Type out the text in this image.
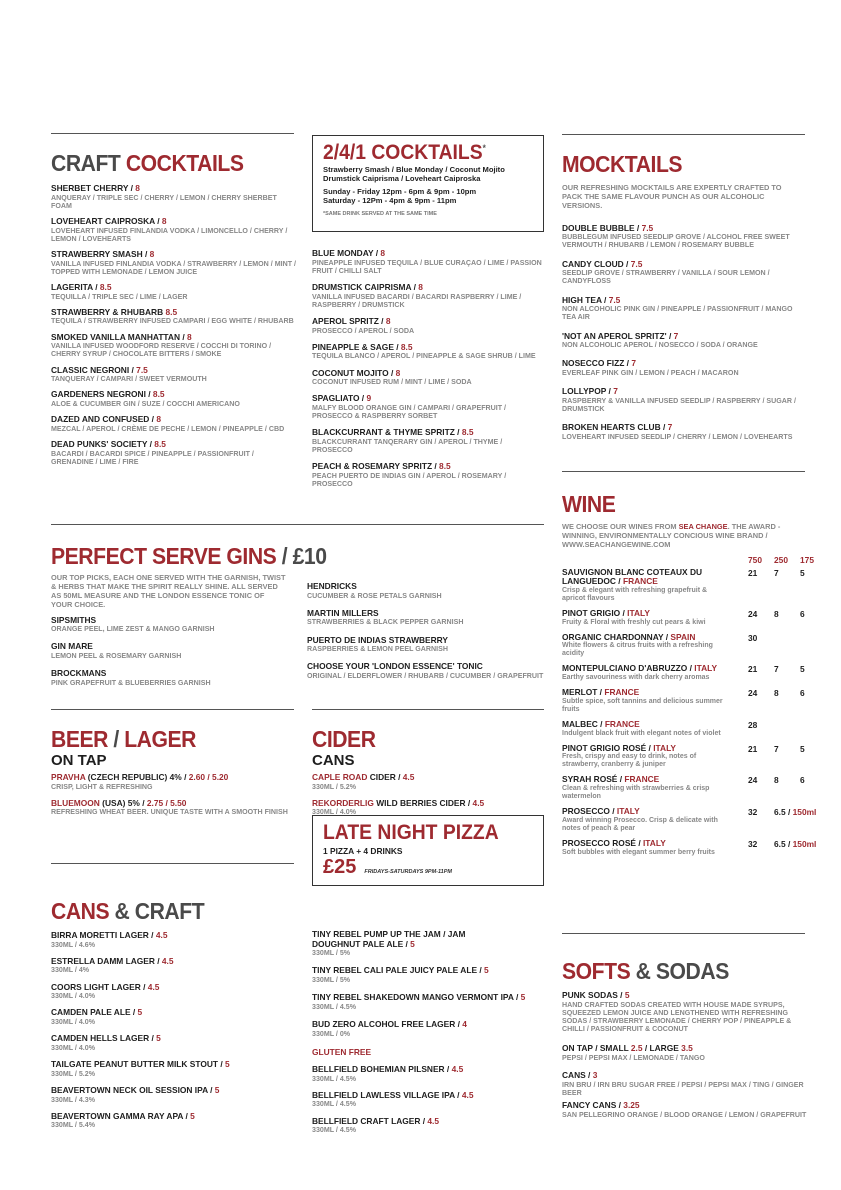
CRAFT COCKTAILS
SHERBET CHERRY / 8
ANQUERAY / TRIPLE SEC / CHERRY / LEMON / CHERRY SHERBET FOAM
LOVEHEART CAIPROSKA / 8
LOVEHEART INFUSED FINLANDIA VODKA / LIMONCELLO / CHERRY / LEMON / LOVEHEARTS
STRAWBERRY SMASH / 8
VANILLA INFUSED FINLANDIA VODKA / STRAWBERRY / LEMON / MINT / TOPPED WITH LEMONADE / LEMON JUICE
LAGERITA / 8.5
TEQUILLA / TRIPLE SEC / LIME / LAGER
STRAWBERRY & RHUBARB 8.5
TEQUILA / STRAWBERRY INFUSED CAMPARI / EGG WHITE / RHUBARB
SMOKED VANILLA MANHATTAN / 8
VANILLA INFUSED WOODFORD RESERVE / COCCHI DI TORINO / CHERRY SYRUP / CHOCOLATE BITTERS / SMOKE
CLASSIC NEGRONI / 7.5
TANQUERAY / CAMPARI / SWEET VERMOUTH
GARDENERS NEGRONI / 8.5
ALOE & CUCUMBER GIN / SUZE / COCCHI AMERICANO
DAZED AND CONFUSED / 8
MEZCAL / APEROL / CRÈME DE PECHE / LEMON / PINEAPPLE / CBD
DEAD PUNKS' SOCIETY / 8.5
BACARDI / BACARDI SPICE / PINEAPPLE / PASSIONFRUIT / GRENADINE / LIME / FIRE
2/4/1 COCKTAILS*
Strawberry Smash / Blue Monday / Coconut Mojito
Drumstick Caiprisma / Loveheart Caiproska
Sunday - Friday 12pm - 6pm & 9pm - 10pm
Saturday - 12Pm - 4pm & 9pm - 11pm
*SAME DRINK SERVED AT THE SAME TIME
BLUE MONDAY / 8
PINEAPPLE INFUSED TEQUILA / BLUE CURAÇAO / LIME / PASSION FRUIT / CHILLI SALT
DRUMSTICK CAIPRISMA / 8
VANILLA INFUSED BACARDI / BACARDI RASPBERRY / LIME / RASPBERRY / DRUMSTICK
APEROL SPRITZ / 8
PROSECCO / APEROL / SODA
PINEAPPLE & SAGE / 8.5
TEQUILA BLANCO / APEROL / PINEAPPLE & SAGE SHRUB / LIME
COCONUT MOJITO / 8
COCONUT INFUSED RUM / MINT / LIME / SODA
SPAGLIATO / 9
MALFY BLOOD ORANGE GIN / CAMPARI / GRAPEFRUIT / PROSECCO & RASPBERRY SORBET
BLACKCURRANT & THYME SPRITZ / 8.5
BLACKCURRANT TANQERARY GIN / APEROL / THYME / PROSECCO
PEACH & ROSEMARY SPRITZ / 8.5
PEACH PUERTO DE INDIAS GIN / APEROL / ROSEMARY / PROSECCO
MOCKTAILS
OUR REFRESHING MOCKTAILS ARE EXPERTLY CRAFTED TO PACK THE SAME FLAVOUR PUNCH AS OUR ALCOHOLIC VERSIONS.
DOUBLE BUBBLE / 7.5
BUBBLEGUM INFUSED SEEDLIP GROVE / ALCOHOL FREE SWEET VERMOUTH / RHUBARB / LEMON / ROSEMARY BUBBLE
CANDY CLOUD / 7.5
SEEDLIP GROVE / STRAWBERRY / VANILLA / SOUR LEMON / CANDYFLOSS
HIGH TEA / 7.5
NON ALCOHOLIC PINK GIN / PINEAPPLE / PASSIONFRUIT / MANGO TEA AIR
'NOT AN APEROL SPRITZ' / 7
NON ALCOHOLIC APEROL / NOSECCO / SODA / ORANGE
NOSECCO FIZZ / 7
EVERLEAF PINK GIN / LEMON / PEACH / MACARON
LOLLYPOP / 7
RASPBERRY & VANILLA INFUSED SEEDLIP / RASPBERRY / SUGAR / DRUMSTICK
BROKEN HEARTS CLUB / 7
LOVEHEART INFUSED SEEDLIP / CHERRY / LEMON / LOVEHEARTS
PERFECT SERVE GINS / £10
OUR TOP PICKS, EACH ONE SERVED WITH THE GARNISH, TWIST & HERBS THAT MAKE THE SPIRIT REALLY SHINE. ALL SERVED AS 50ML MEASURE AND THE LONDON ESSENCE TONIC OF YOUR CHOICE.
SIPSMITHS
ORANGE PEEL, LIME ZEST & MANGO GARNISH
GIN MARE
LEMON PEEL & ROSEMARY GARNISH
BROCKMANS
PINK GRAPEFRUIT & BLUEBERRIES GARNISH
HENDRICKS
CUCUMBER & ROSE PETALS GARNISH
MARTIN MILLERS
STRAWBERRIES & BLACK PEPPER GARNISH
PUERTO DE INDIAS STRAWBERRY
RASPBERRIES & LEMON PEEL GARNISH
CHOOSE YOUR 'LONDON ESSENCE' TONIC
ORIGINAL / ELDERFLOWER / RHUBARB / CUCUMBER / GRAPEFRUIT
WINE
WE CHOOSE OUR WINES FROM SEA CHANGE. THE AWARD -WINNING, ENVIRONMENTALLY CONCIOUS WINE BRAND / WWW.SEACHANGEWINE.COM
750 250 175
SAUVIGNON BLANC COTEAUX DU LANGUEDOC / FRANCE
Crisp & elegant with refreshing grapefruit & apricot flavours
21 7	5
PINOT GRIGIO / ITALY
Fruity & Floral with freshly cut pears & kiwi
24 8	6
ORGANIC CHARDONNAY / SPAIN
White flowers & citrus fruits with a refreshing acidity
30
MONTEPULCIANO D'ABRUZZO / ITALY
Earthy savouriness with dark cherry aromas
21 7	5
MERLOT / FRANCE
Subtle spice, soft tannins and delicious summer fruits
24 8	6
MALBEC / FRANCE
Indulgent black fruit with elegant notes of violet
28
PINOT GRIGIO ROSÉ / ITALY
Fresh, crispy and easy to drink, notes of strawberry, cranberry & juniper
21 7	5
SYRAH ROSÉ / FRANCE
Clean & refreshing with strawberries & crisp watermelon
24 8	6
PROSECCO / ITALY
Award winning Prosecco. Crisp & delicate with notes of peach & pear
32 6.5 / 150ml
PROSECCO ROSÉ / ITALY
Soft bubbles with elegant summer berry fruits
32 6.5 / 150ml
BEER / LAGER
ON TAP
PRAVHA (CZECH REPUBLIC) 4% / 2.60 / 5.20
CRISP, LIGHT & REFRESHING
BLUEMOON (USA) 5% / 2.75 / 5.50
REFRESHING WHEAT BEER. UNIQUE TASTE WITH A SMOOTH FINISH
CIDER
CANS
CAPLE ROAD CIDER / 4.5
330ML / 5.2%
REKORDERLIG WILD BERRIES CIDER / 4.5
330ML / 4.0%
LATE NIGHT PIZZA
1 PIZZA + 4 DRINKS
£25 FRIDAYS-SATURDAYS 9PM-11PM
CANS & CRAFT
BIRRA MORETTI LAGER / 4.5
330ML / 4.6%
ESTRELLA DAMM LAGER / 4.5
330ML / 4%
COORS LIGHT LAGER / 4.5
330ML / 4.0%
CAMDEN PALE ALE / 5
330ML / 4.0%
CAMDEN HELLS LAGER / 5
330ML / 4.0%
TAILGATE PEANUT BUTTER MILK STOUT / 5
330ML / 5.2%
BEAVERTOWN NECK OIL SESSION IPA / 5
330ML / 4.3%
BEAVERTOWN GAMMA RAY APA / 5
330ML / 5.4%
TINY REBEL PUMP UP THE JAM / JAM DOUGHNUT PALE ALE / 5
330ML / 5%
TINY REBEL CALI PALE JUICY PALE ALE / 5
330ML / 5%
TINY REBEL SHAKEDOWN MANGO VERMONT IPA / 5
330ML / 4.5%
BUD ZERO ALCOHOL FREE LAGER / 4
330ML / 0%
GLUTEN FREE
BELLFIELD BOHEMIAN PILSNER / 4.5
330ML / 4.5%
BELLFIELD LAWLESS VILLAGE IPA / 4.5
330ML / 4.5%
BELLFIELD CRAFT LAGER / 4.5
330ML / 4.5%
SOFTS & SODAS
PUNK SODAS / 5
HAND CRAFTED SODAS CREATED WITH HOUSE MADE SYRUPS, SQUEEZED LEMON JUICE AND LENGTHENED WITH REFRESHING SODAS / STRAWBERRY LEMONADE / CHERRY POP / PINEAPPLE & CHILLI / PASSIONFRUIT & COCONUT
ON TAP / SMALL 2.5 / LARGE 3.5
PEPSI / PEPSI MAX / LEMONADE / TANGO
CANS / 3
IRN BRU / IRN BRU SUGAR FREE / PEPSI / PEPSI MAX / TING / GINGER BEER
FANCY CANS / 3.25
SAN PELLEGRINO ORANGE / BLOOD ORANGE / LEMON / GRAPEFRUIT
